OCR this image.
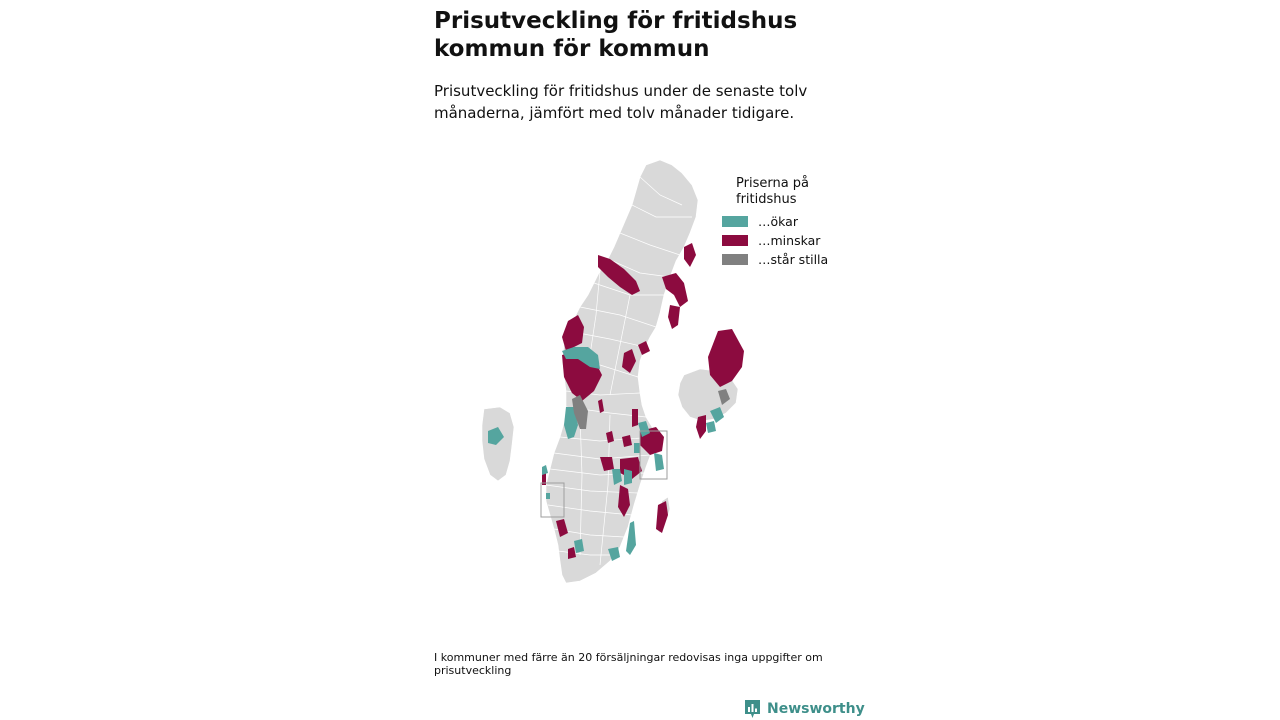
Prisutveckling för fritidshus kommun för kommun

Prisutveckling för fritidshus under de senaste tolv månaderna, jämfört med tolv månader tidigare.

Priserna på fritidshus
…ökar
…minskar
…står stilla

I kommuner med färre än 20 försäljningar redovisas inga uppgifter om prisutveckling

Newsworthy
